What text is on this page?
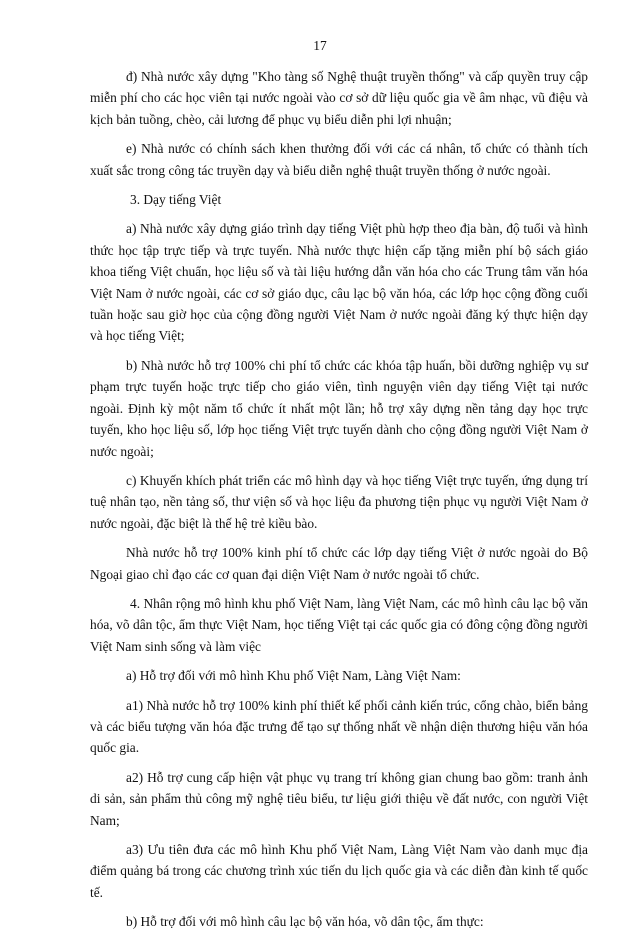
17

đ) Nhà nước xây dựng "Kho tàng số Nghệ thuật truyền thống" và cấp quyền truy cập miễn phí cho các học viên tại nước ngoài vào cơ sở dữ liệu quốc gia về âm nhạc, vũ điệu và kịch bản tuồng, chèo, cải lương để phục vụ biểu diễn phi lợi nhuận;

e) Nhà nước có chính sách khen thưởng đối với các cá nhân, tổ chức có thành tích xuất sắc trong công tác truyền dạy và biểu diễn nghệ thuật truyền thống ở nước ngoài.

3. Dạy tiếng Việt

a) Nhà nước xây dựng giáo trình dạy tiếng Việt phù hợp theo địa bàn, độ tuổi và hình thức học tập trực tiếp và trực tuyến. Nhà nước thực hiện cấp tặng miễn phí bộ sách giáo khoa tiếng Việt chuẩn, học liệu số và tài liệu hướng dẫn văn hóa cho các Trung tâm văn hóa Việt Nam ở nước ngoài, các cơ sở giáo dục, câu lạc bộ văn hóa, các lớp học cộng đồng cuối tuần hoặc sau giờ học của cộng đồng người Việt Nam ở nước ngoài đăng ký thực hiện dạy và học tiếng Việt;

b) Nhà nước hỗ trợ 100% chi phí tổ chức các khóa tập huấn, bồi dưỡng nghiệp vụ sư phạm trực tuyến hoặc trực tiếp cho giáo viên, tình nguyện viên dạy tiếng Việt tại nước ngoài. Định kỳ một năm tổ chức ít nhất một lần; hỗ trợ xây dựng nền tảng dạy học trực tuyến, kho học liệu số, lớp học tiếng Việt trực tuyến dành cho cộng đồng người Việt Nam ở nước ngoài;

c) Khuyến khích phát triển các mô hình dạy và học tiếng Việt trực tuyến, ứng dụng trí tuệ nhân tạo, nền tảng số, thư viện số và học liệu đa phương tiện phục vụ người Việt Nam ở nước ngoài, đặc biệt là thế hệ trẻ kiều bào.

Nhà nước hỗ trợ 100% kinh phí tổ chức các lớp dạy tiếng Việt ở nước ngoài do Bộ Ngoại giao chỉ đạo các cơ quan đại diện Việt Nam ở nước ngoài tổ chức.

4. Nhân rộng mô hình khu phố Việt Nam, làng Việt Nam, các mô hình câu lạc bộ văn hóa, võ dân tộc, ẩm thực Việt Nam, học tiếng Việt tại các quốc gia có đông cộng đồng người Việt Nam sinh sống và làm việc

a) Hỗ trợ đối với mô hình Khu phố Việt Nam, Làng Việt Nam:

a1) Nhà nước hỗ trợ 100% kinh phí thiết kế phối cảnh kiến trúc, cổng chào, biển bảng và các biểu tượng văn hóa đặc trưng để tạo sự thống nhất về nhận diện thương hiệu văn hóa quốc gia.

a2) Hỗ trợ cung cấp hiện vật phục vụ trang trí không gian chung bao gồm: tranh ảnh di sản, sản phẩm thủ công mỹ nghệ tiêu biểu, tư liệu giới thiệu về đất nước, con người Việt Nam;

a3) Ưu tiên đưa các mô hình Khu phố Việt Nam, Làng Việt Nam vào danh mục địa điểm quảng bá trong các chương trình xúc tiến du lịch quốc gia và các diễn đàn kinh tế quốc tế.

b) Hỗ trợ đối với mô hình câu lạc bộ văn hóa, võ dân tộc, ẩm thực:
